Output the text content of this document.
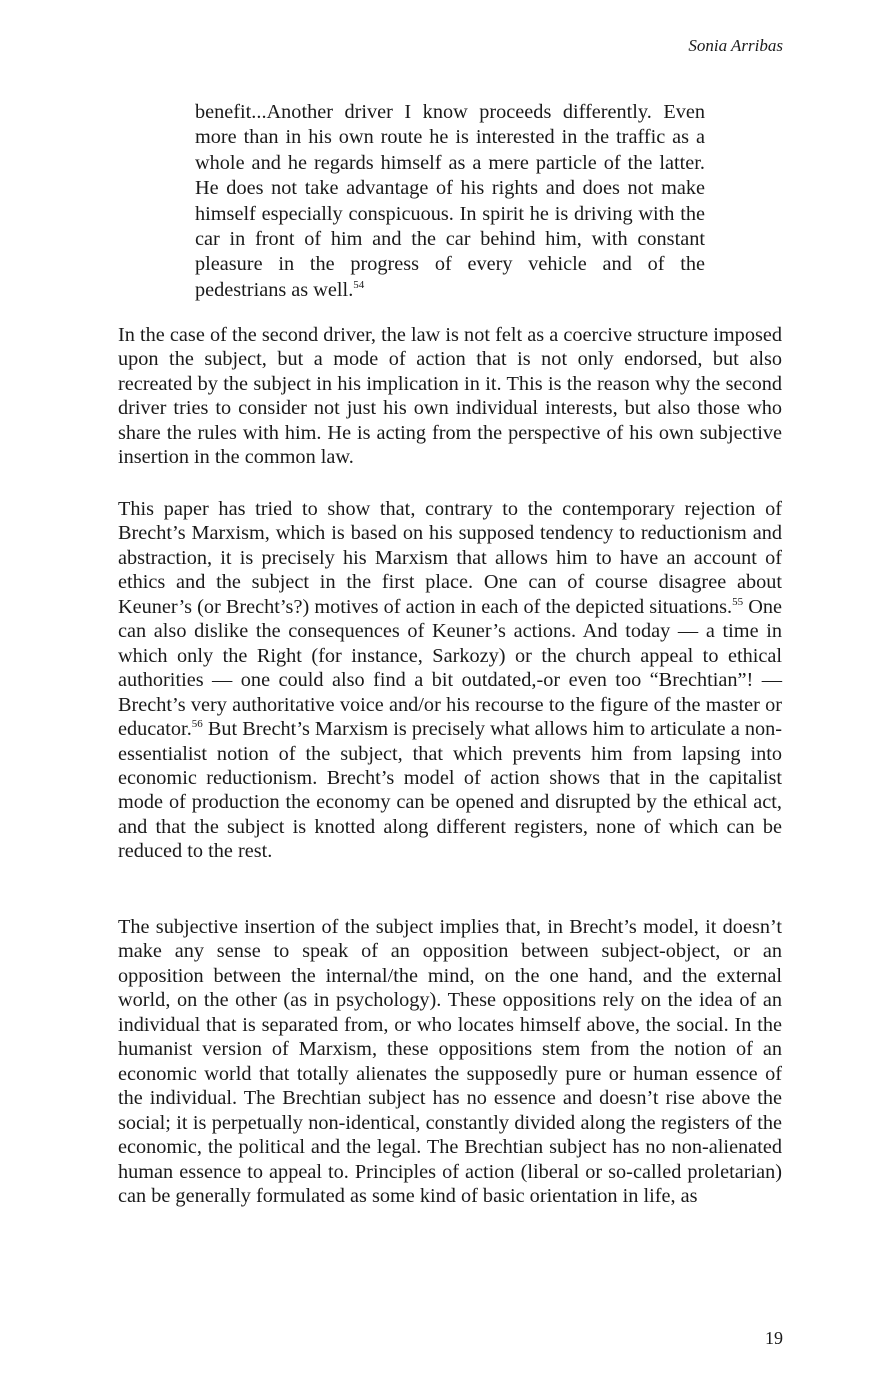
Sonia Arribas

benefit...Another driver I know proceeds differently. Even more than in his own route he is interested in the traffic as a whole and he regards himself as a mere particle of the latter. He does not take advantage of his rights and does not make himself especially conspicuous. In spirit he is driving with the car in front of him and the car behind him, with constant pleasure in the progress of every vehicle and of the pedestrians as well.$^{54}$

In the case of the second driver, the law is not felt as a coercive structure imposed upon the subject, but a mode of action that is not only endorsed, but also recreated by the subject in his implication in it. This is the reason why the second driver tries to consider not just his own individual interests, but also those who share the rules with him. He is acting from the perspective of his own subjective insertion in the common law.

This paper has tried to show that, contrary to the contemporary rejection of Brecht’s Marxism, which is based on his supposed tendency to reductionism and abstraction, it is precisely his Marxism that allows him to have an account of ethics and the subject in the first place. One can of course disagree about Keuner’s (or Brecht’s?) motives of action in each of the depicted situations.$^{55}$ One can also dislike the consequences of Keuner’s actions. And today — a time in which only the Right (for instance, Sarkozy) or the church appeal to ethical authorities — one could also find a bit outdated,-or even too “Brechtian”! — Brecht’s very authoritative voice and/or his recourse to the figure of the master or educator.$^{56}$ But Brecht’s Marxism is precisely what allows him to articulate a non-essentialist notion of the subject, that which prevents him from lapsing into economic reductionism. Brecht’s model of action shows that in the capitalist mode of production the economy can be opened and disrupted by the ethical act, and that the subject is knotted along different registers, none of which can be reduced to the rest.

The subjective insertion of the subject implies that, in Brecht’s model, it doesn’t make any sense to speak of an opposition between subject-object, or an opposition between the internal/the mind, on the one hand, and the external world, on the other (as in psychology). These oppositions rely on the idea of an individual that is separated from, or who locates himself above, the social. In the humanist version of Marxism, these oppositions stem from the notion of an economic world that totally alienates the supposedly pure or human essence of the individual. The Brechtian subject has no essence and doesn’t rise above the social; it is perpetually non-identical, constantly divided along the registers of the economic, the political and the legal. The Brechtian subject has no non-alienated human essence to appeal to. Principles of action (liberal or so-called proletarian) can be generally formulated as some kind of basic orientation in life, as

19
